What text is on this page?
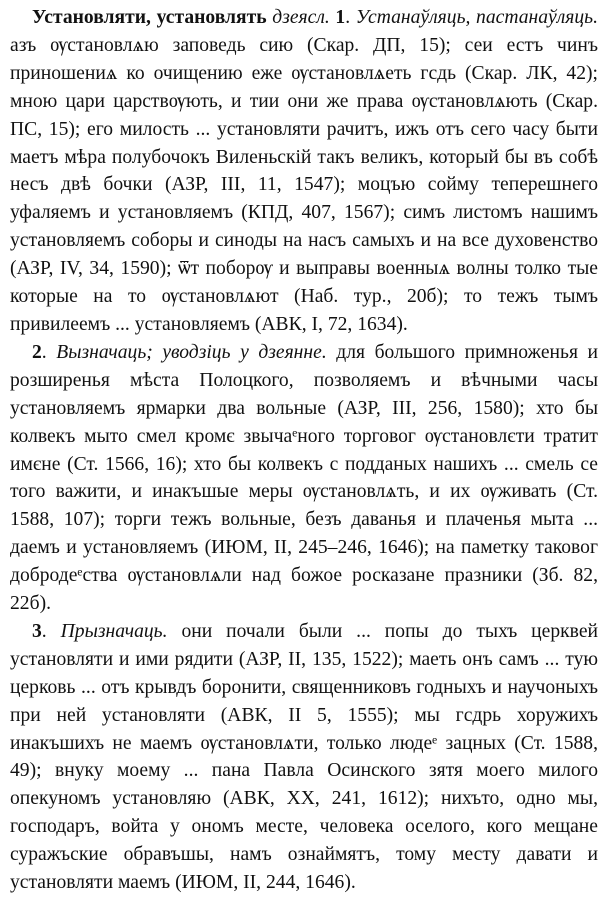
Установляти, установлять дзеясл. 1. Устанаўляць, пастанаўляць. азъ ѹстановлѧю заповедь сию (Скар. ДП, 15); сеи естъ чинъ приношениѧ ко очищению еже ѹстановлѧеть гсдь (Скар. ЛК, 42); мною цари царствѹють, и тии они же права ѹстановлѧють (Скар. ПС, 15); его милость ... установляти рачитъ, ижъ отъ сего часу быти маетъ мѣра полубочокъ Виленьскій такъ великъ, который бы въ собѣ несъ двѣ бочки (АЗР, III, 11, 1547); моцъю сойму теперешнего уфаляемъ и установляемъ (КПД, 407, 1567); симъ листомъ нашимъ установляемъ соборы и синоды на насъ самыхъ и на все духовенство (АЗР, IV, 34, 1590); ѿт поборѹ и выправы военныѧ волны толко тые которые на то ѹстановлѧют (Наб. тур., 20б); то тежъ тымъ привилеемъ ... установляемъ (АВК, I, 72, 1634).

2. Вызначаць; уводзіць у дзеянне. для большого примноженья и розширенья мѣста Полоцкого, позволяемъ и вѣчными часы установляемъ ярмарки два вольные (АЗР, III, 256, 1580); хто бы колвекъ мыто смел кромє звычаᵉного торговог ѹстановлєти тратит имєне (Ст. 1566, 16); хто бы колвекъ с подданых нашихъ ... смель се того важити, и инакъшые меры ѹстановлѧть, и их ѹживать (Ст. 1588, 107); торги тежъ вольные, безъ даванья и плаченья мыта ... даемъ и установляемъ (ИЮМ, II, 245–246, 1646); на паметку таковог добродеᵉства ѹстановлѧли над божое росказане празники (Зб. 82, 22б).

3. Прызначаць. они почали были ... попы до тыхъ церквей установляти и ими рядити (АЗР, II, 135, 1522); маеть онъ самъ ... тую церковь ... отъ крывдъ боронити, священниковъ годныхъ и научоныхъ при ней установляти (АВК, II 5, 1555); мы гсдрь хоружихъ инакъшихъ не маемъ ѹстановлѧти, только людеᵉ зацных (Ст. 1588, 49); внуку моему ... пана Павла Осинского зятя моего милого опекуномъ установляю (АВК, XX, 241, 1612); нихъто, одно мы, господаръ, войта у ономъ месте, человека оселого, кого мещане суражъские обравъшы, намъ ознаймятъ, тому месту давати и установляти маемъ (ИЮМ, II, 244, 1646).
